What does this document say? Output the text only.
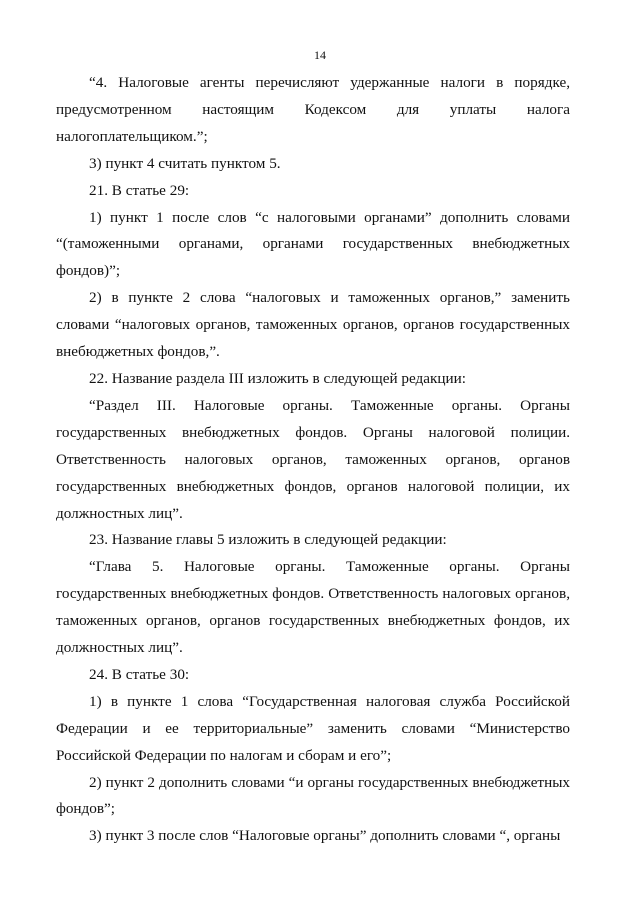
14

“4. Налоговые агенты перечисляют удержанные налоги в порядке, предусмотренном настоящим Кодексом для уплаты налога налогоплательщиком.”;

3) пункт 4 считать пунктом 5.

21. В статье 29:

1) пункт 1 после слов “с налоговыми органами” дополнить словами “(таможенными органами, органами государственных внебюджетных фондов)”;

2) в пункте 2 слова “налоговых и таможенных органов,” заменить словами “налоговых органов, таможенных органов, органов государственных внебюджетных фондов,”.

22. Название раздела III изложить в следующей редакции:

“Раздел III. Налоговые органы. Таможенные органы. Органы государственных внебюджетных фондов. Органы налоговой полиции. Ответственность налоговых органов, таможенных органов, органов государственных внебюджетных фондов, органов налоговой полиции, их должностных лиц”.

23. Название главы 5 изложить в следующей редакции:

“Глава 5. Налоговые органы. Таможенные органы. Органы государственных внебюджетных фондов. Ответственность налоговых органов, таможенных органов, органов государственных внебюджетных фондов, их должностных лиц”.

24. В статье 30:

1) в пункте 1 слова “Государственная налоговая служба Российской Федерации и ее территориальные” заменить словами “Министерство Российской Федерации по налогам и сборам и его”;

2) пункт 2 дополнить словами “и органы государственных внебюджетных фондов”;

3) пункт 3 после слов “Налоговые органы” дополнить словами “, органы
